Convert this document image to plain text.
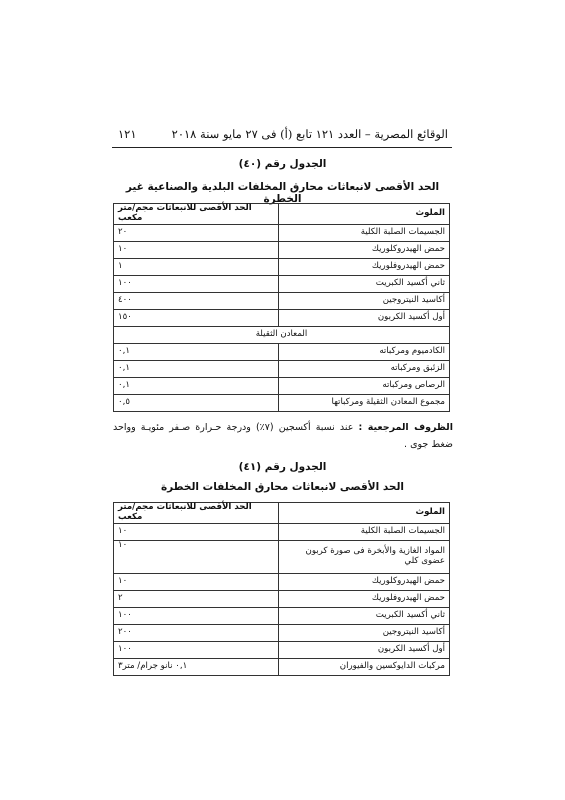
الوقائع المصرية – العدد ١٢١ تابع (أ) فى ٢٧ مايو سنة ٢٠١٨
١٢١
الجدول رقم (٤٠)
الحد الأقصى لانبعاثات محارق المخلفات البلدية والصناعية غير الخطرة
الملوث	الحد الأقصى للانبعاثات مجم/متر مكعب
الجسيمات الصلبة الكلية	٢٠
حمض الهيدروكلوريك	١٠
حمض الهيدروفلوريك	١
ثاني أكسيد الكبريت	١٠٠
أكاسيد النيتروجين	٤٠٠
أول أكسيد الكربون	١٥٠
المعادن الثقيلة	
الكادميوم ومركباته	٠,١
الزئبق ومركباته	٠,١
الرصاص ومركباته	٠,١
مجموع المعادن الثقيلة ومركباتها	٠,٥
الظروف المرجعية : عند نسبة أكسجين (٧٪) ودرجة حـرارة صـفر مئويـة وواحد ضغط جوى .
الجدول رقم (٤١)
الحد الأقصى لانبعاثات محارق المخلفات الخطرة
الملوث	الحد الأقصى للانبعاثات مجم/متر مكعب
الجسيمات الصلبة الكلية	١٠
المواد الغازية والأبخرة فى صورة كربون عضوى كلي	١٠
حمض الهيدروكلوريك	١٠
حمض الهيدروفلوريك	٢
ثاني أكسيد الكبريت	١٠٠
أكاسيد النيتروجين	٢٠٠
أول أكسيد الكربون	١٠٠
مركبات الدايوكسين والفيوران	٠,١ نانو جرام/ متر٣
